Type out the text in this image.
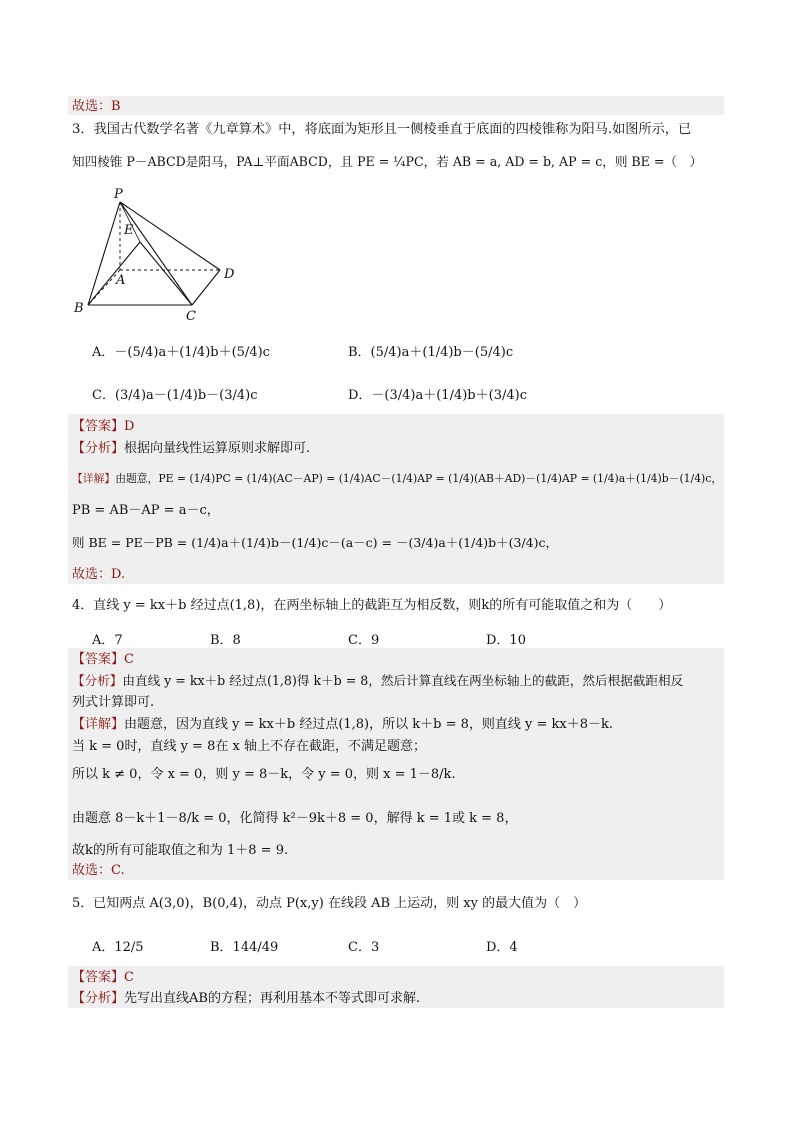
故选：B
3．我国古代数学名著《九章算术》中，将底面为矩形且一侧棱垂直于底面的四棱锥称为阳马.如图所示，已
知四棱锥 P－ABCD是阳马，PA⊥平面ABCD，且 PE = ¼PC，若 AB = a, AD = b, AP = c，则 BE =（　）
P
E
A	D
B
C
A．－(5/4)a＋(1/4)b＋(5/4)c	B．(5/4)a＋(1/4)b－(5/4)c
C．(3/4)a－(1/4)b－(3/4)c	D．－(3/4)a＋(1/4)b＋(3/4)c
【答案】D
【分析】根据向量线性运算原则求解即可.
【详解】由题意，PE = (1/4)PC = (1/4)(AC－AP) = (1/4)AC－(1/4)AP = (1/4)(AB＋AD)－(1/4)AP = (1/4)a＋(1/4)b－(1/4)c，
PB = AB－AP = a－c，
则 BE = PE－PB = (1/4)a＋(1/4)b－(1/4)c－(a－c) = －(3/4)a＋(1/4)b＋(3/4)c，
故选：D.
4．直线 y = kx＋b 经过点(1,8)，在两坐标轴上的截距互为相反数，则k的所有可能取值之和为（　　）
A．7	B．8	C．9	D．10
【答案】C
【分析】由直线 y = kx＋b 经过点(1,8)得 k＋b = 8，然后计算直线在两坐标轴上的截距，然后根据截距相反
列式计算即可.
【详解】由题意，因为直线 y = kx＋b 经过点(1,8)，所以 k＋b = 8，则直线 y = kx＋8－k.
当 k = 0时，直线 y = 8在 x 轴上不存在截距，不满足题意；
所以 k ≠ 0，令 x = 0，则 y = 8－k，令 y = 0，则 x = 1－8/k.
由题意 8－k＋1－8/k = 0，化简得 k²－9k＋8 = 0，解得 k = 1或 k = 8，
故k的所有可能取值之和为 1＋8 = 9.
故选：C.
5．已知两点 A(3,0)，B(0,4)，动点 P(x,y) 在线段 AB 上运动，则 xy 的最大值为（　）
A．12/5	B．144/49	C．3	D．4
【答案】C
【分析】先写出直线AB的方程；再利用基本不等式即可求解.
